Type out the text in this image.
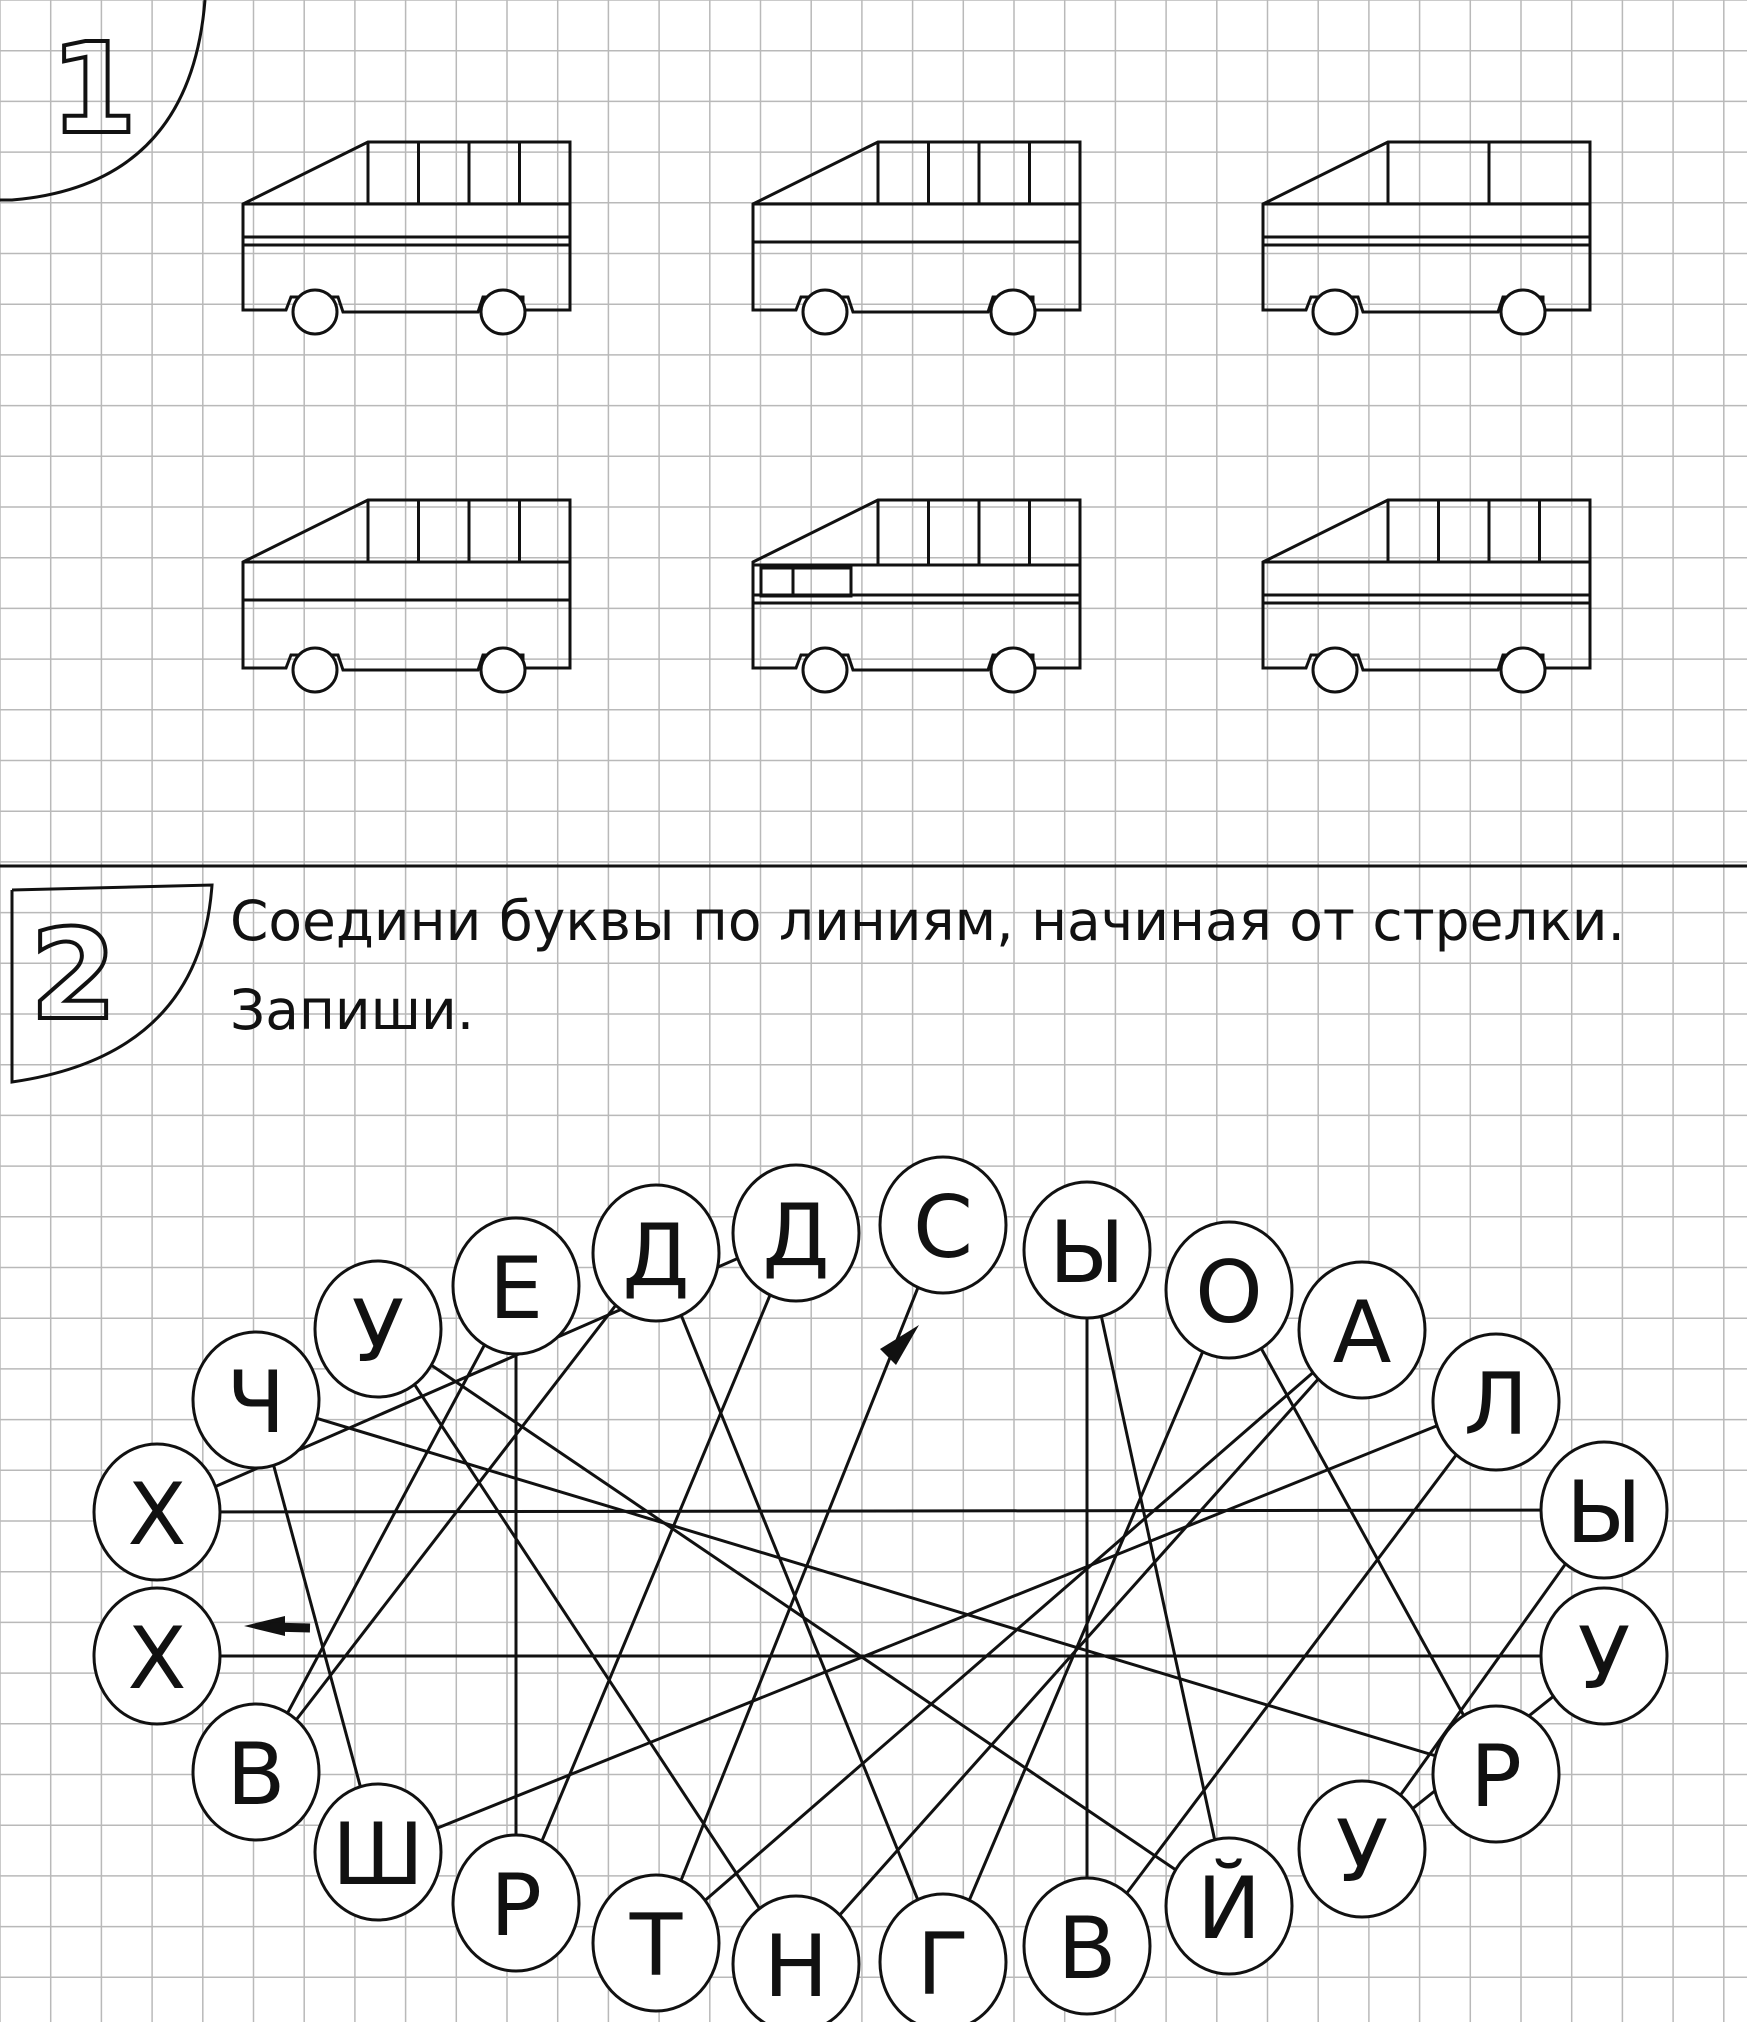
1
2
Х
Ч
У Е Д Д С Ы О А
Л
Ы
У
Р
У
Й
В
Г
Н
Т
Р
Ш
В
Х
Соедини буквы по линиям, начиная от стрелки.
Запиши.
